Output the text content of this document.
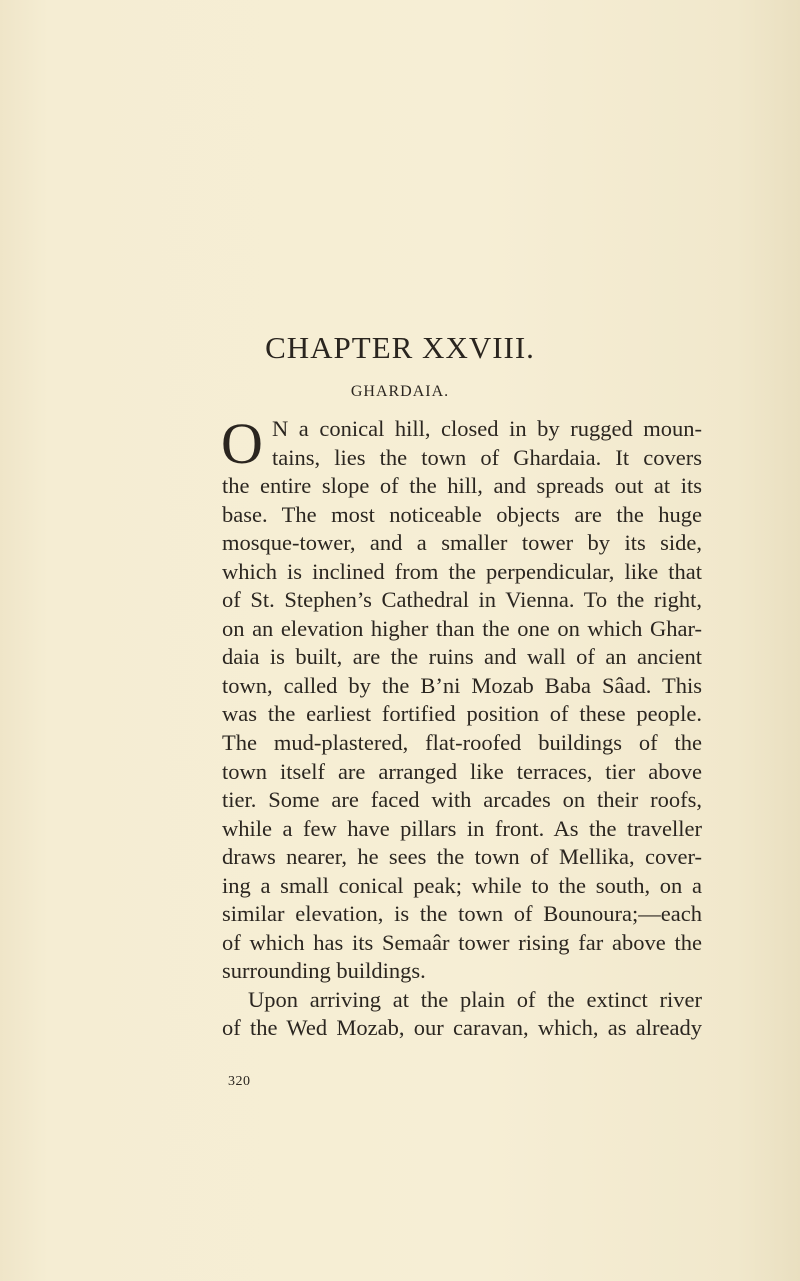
CHAPTER XXVIII.
GHARDAIA.
O N a conical hill, closed in by rugged moun-
tains, lies the town of Ghardaia. It covers
the entire slope of the hill, and spreads out at its
base. The most noticeable objects are the huge
mosque-tower, and a smaller tower by its side,
which is inclined from the perpendicular, like that
of St. Stephen’s Cathedral in Vienna. To the right,
on an elevation higher than the one on which Ghar-
daia is built, are the ruins and wall of an ancient
town, called by the B’ni Mozab Baba Sâad. This
was the earliest fortified position of these people.
The mud-plastered, flat-roofed buildings of the
town itself are arranged like terraces, tier above
tier. Some are faced with arcades on their roofs,
while a few have pillars in front. As the traveller
draws nearer, he sees the town of Mellika, cover-
ing a small conical peak; while to the south, on a
similar elevation, is the town of Bounoura;—each
of which has its Semaâr tower rising far above the
surrounding buildings.
Upon arriving at the plain of the extinct river
of the Wed Mozab, our caravan, which, as already
320
